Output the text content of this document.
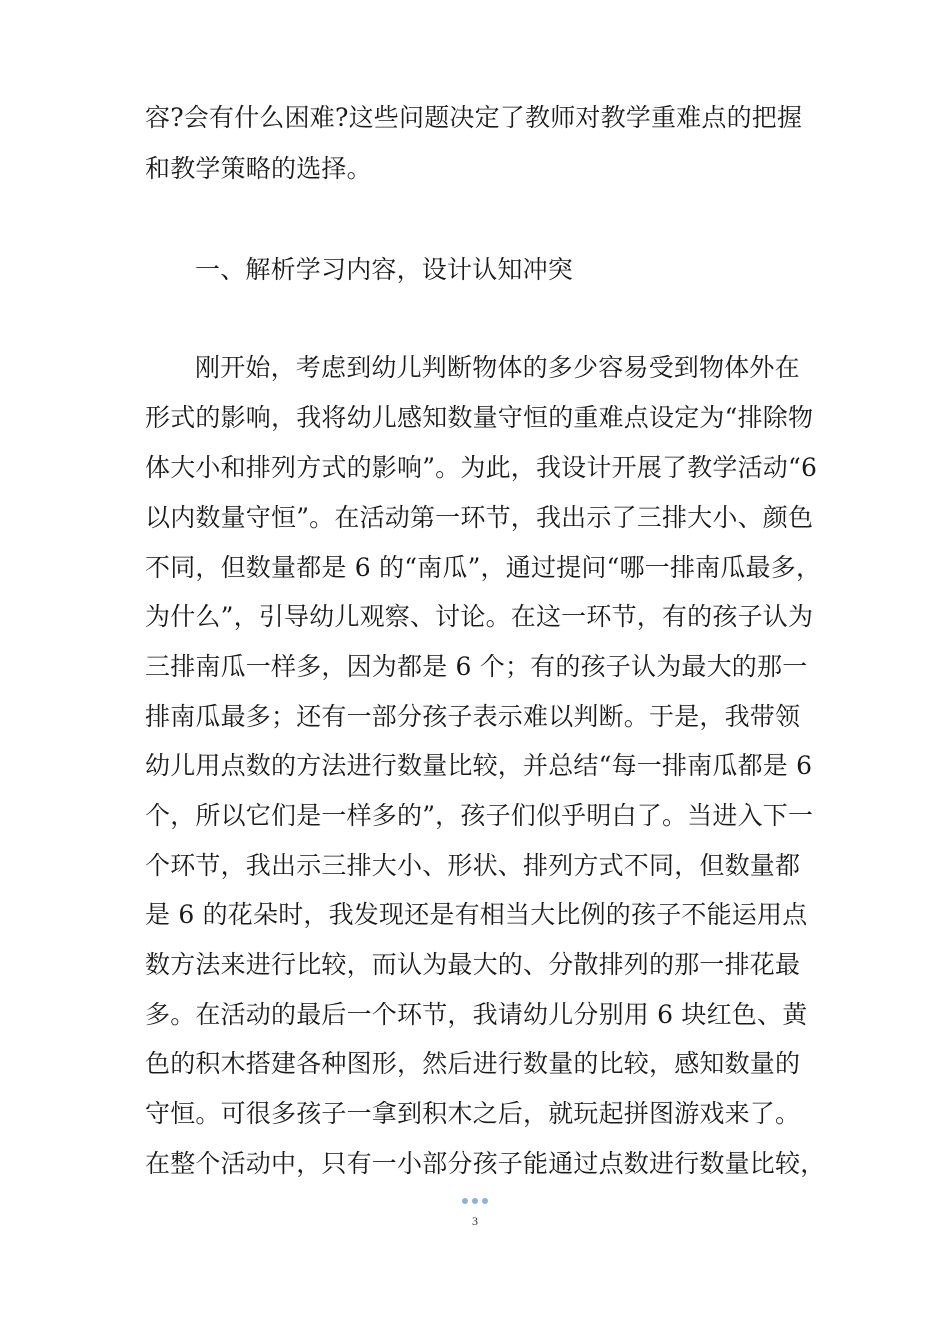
容?会有什么困难?这些问题决定了教师对教学重难点的把握
和教学策略的选择。
一、解析学习内容，设计认知冲突
刚开始，考虑到幼儿判断物体的多少容易受到物体外在
形式的影响，我将幼儿感知数量守恒的重难点设定为“排除物
体大小和排列方式的影响”。为此，我设计开展了教学活动“6
以内数量守恒”。在活动第一环节，我出示了三排大小、颜色
不同，但数量都是 6 的“南瓜”，通过提问“哪一排南瓜最多，
为什么”，引导幼儿观察、讨论。在这一环节，有的孩子认为
三排南瓜一样多，因为都是 6 个；有的孩子认为最大的那一
排南瓜最多；还有一部分孩子表示难以判断。于是，我带领
幼儿用点数的方法进行数量比较，并总结“每一排南瓜都是 6
个，所以它们是一样多的”，孩子们似乎明白了。当进入下一
个环节，我出示三排大小、形状、排列方式不同，但数量都
是 6 的花朵时，我发现还是有相当大比例的孩子不能运用点
数方法来进行比较，而认为最大的、分散排列的那一排花最
多。在活动的最后一个环节，我请幼儿分别用 6 块红色、黄
色的积木搭建各种图形，然后进行数量的比较，感知数量的
守恒。可很多孩子一拿到积木之后，就玩起拼图游戏来了。
在整个活动中，只有一小部分孩子能通过点数进行数量比较，
3
